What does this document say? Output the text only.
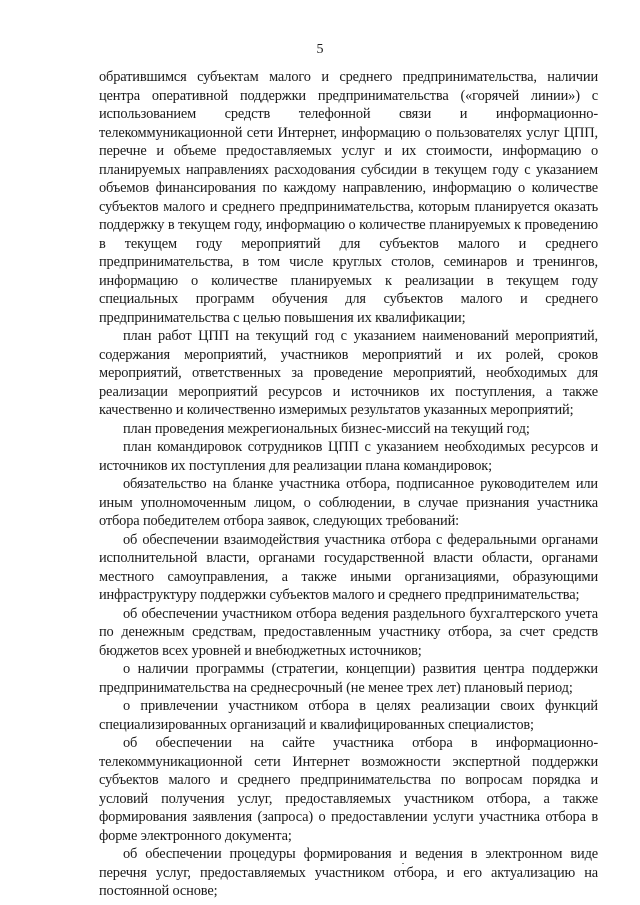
5

обратившимся субъектам малого и среднего предпринимательства, наличии центра оперативной поддержки предпринимательства («горячей линии») с использованием средств телефонной связи и информационно-телекоммуникационной сети Интернет, информацию о пользователях услуг ЦПП, перечне и объеме предоставляемых услуг и их стоимости, информацию о планируемых направлениях расходования субсидии в текущем году с указанием объемов финансирования по каждому направлению, информацию о количестве субъектов малого и среднего предпринимательства, которым планируется оказать поддержку в текущем году, информацию о количестве планируемых к проведению в текущем году мероприятий для субъектов малого и среднего предпринимательства, в том числе круглых столов, семинаров и тренингов, информацию о количестве планируемых к реализации в текущем году специальных программ обучения для субъектов малого и среднего предпринимательства с целью повышения их квалификации;

план работ ЦПП на текущий год с указанием наименований мероприятий, содержания мероприятий, участников мероприятий и их ролей, сроков мероприятий, ответственных за проведение мероприятий, необходимых для реализации мероприятий ресурсов и источников их поступления, а также качественно и количественно измеримых результатов указанных мероприятий;

план проведения межрегиональных бизнес-миссий на текущий год;

план командировок сотрудников ЦПП с указанием необходимых ресурсов и источников их поступления для реализации плана командировок;

обязательство на бланке участника отбора, подписанное руководителем или иным уполномоченным лицом, о соблюдении, в случае признания участника отбора победителем отбора заявок, следующих требований:

об обеспечении взаимодействия участника отбора с федеральными органами исполнительной власти, органами государственной власти области, органами местного самоуправления, а также иными организациями, образующими инфраструктуру поддержки субъектов малого и среднего предпринимательства;

об обеспечении участником отбора ведения раздельного бухгалтерского учета по денежным средствам, предоставленным участнику отбора, за счет средств бюджетов всех уровней и внебюджетных источников;

о наличии программы (стратегии, концепции) развития центра поддержки предпринимательства на среднесрочный (не менее трех лет) плановый период;

о привлечении участником отбора в целях реализации своих функций специализированных организаций и квалифицированных специалистов;

об обеспечении на сайте участника отбора в информационно-телекоммуникационной сети Интернет возможности экспертной поддержки субъектов малого и среднего предпринимательства по вопросам порядка и условий получения услуг, предоставляемых участником отбора, а также формирования заявления (запроса) о предоставлении услуги участника отбора в форме электронного документа;

об обеспечении процедуры формирования и ведения в электронном виде перечня услуг, предоставляемых участником отбора, и его актуализацию на постоянной основе;
